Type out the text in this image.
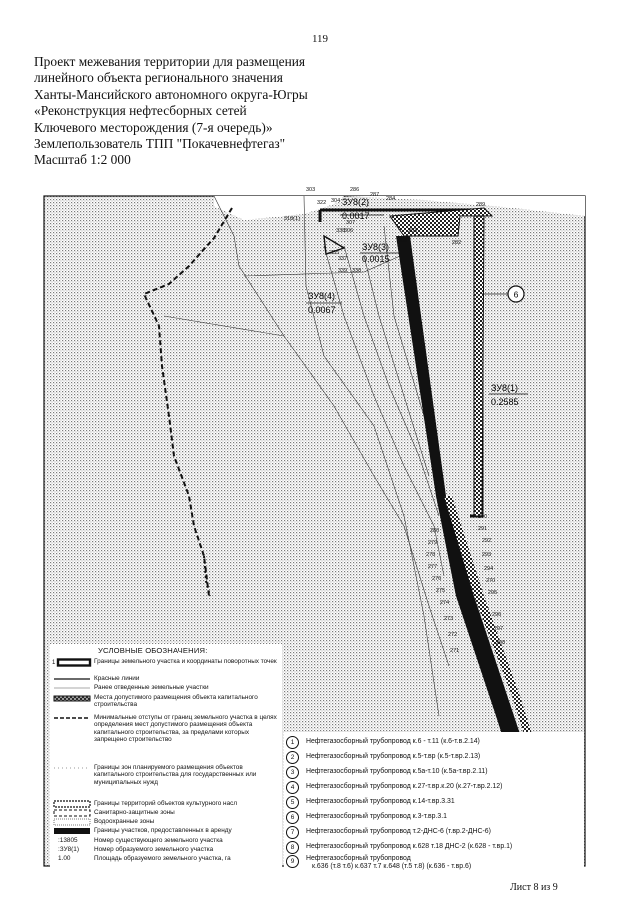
119
Проект межевания территории для размещения
линейного объекта регионального значения
Ханты-Мансийского автономного округа-Югры
«Реконструкция нефтесборных сетей
Ключевого месторождения (7-я очередь)»
Землепользователь ТПП "Покачевнефтегаз"
Масштаб 1:2 000
ЗУ8(2)
0.0017
ЗУ8(3)
0.0015
ЗУ8(4)
0.0067
ЗУ8(1)
0.2585
6
303	286
287
284
289
304
322
338	283
282
305
306
307
337
335
339 338
318(1)
290
291
292
293
294
270
295
296
297
298
280
279
278
277
276
275
274
273
272
271
УСЛОВНЫЕ ОБОЗНАЧЕНИЯ:
1	Границы земельного участка и координаты поворотных точек
Красные линии
Ранее отведенные земельные участки
Места допустимого размещения объекта капитального строительства
Минимальные отступы от границ земельного участка в целях определения мест допустимого размещения объекта капитального строительства, за пределами которых запрещено строительство
Границы зон планируемого размещения объектов капитального строительства для государственных или муниципальных нужд
Границы территорий объектов культурного насл
Санитарно-защитные зоны
Водоохранные зоны
Границы участков, предоставленных в аренду
:13805	Номер существующего земельного участка
:ЗУ8(1) Номер образуемого земельного участка
1.00	Площадь образуемого земельного участка, га
1	Нефтегазосборный трубопровод к.6 - т.11 (к.6-т.в.2.14)
2	Нефтегазосборный трубопровод к.5-т.вр (к.5-т.вр.2.13)
3	Нефтегазосборный трубопровод к.5а-т.10 (к.5а-т.вр.2.11)
4	Нефтегазосборный трубопровод к.27-т.вр.к.20 (к.27-т.вр.2.12)
5	Нефтегазосборный трубопровод к.14-т.вр.3.31
6	Нефтегазосборный трубопровод к.3-т.вр.3.1
7	Нефтегазосборный трубопровод т.2-ДНС-6 (т.вр.2-ДНС-6)
8	Нефтегазосборный трубопровод к.628 т.18 ДНС-2 (к.628 - т.вр.1)
9	Нефтегазосборный трубопровод
к.636 (т.8 т.6) к.637 т.7 к.648 (т.5 т.8) (к.636 - т.вр.6)
Лист 8 из 9
